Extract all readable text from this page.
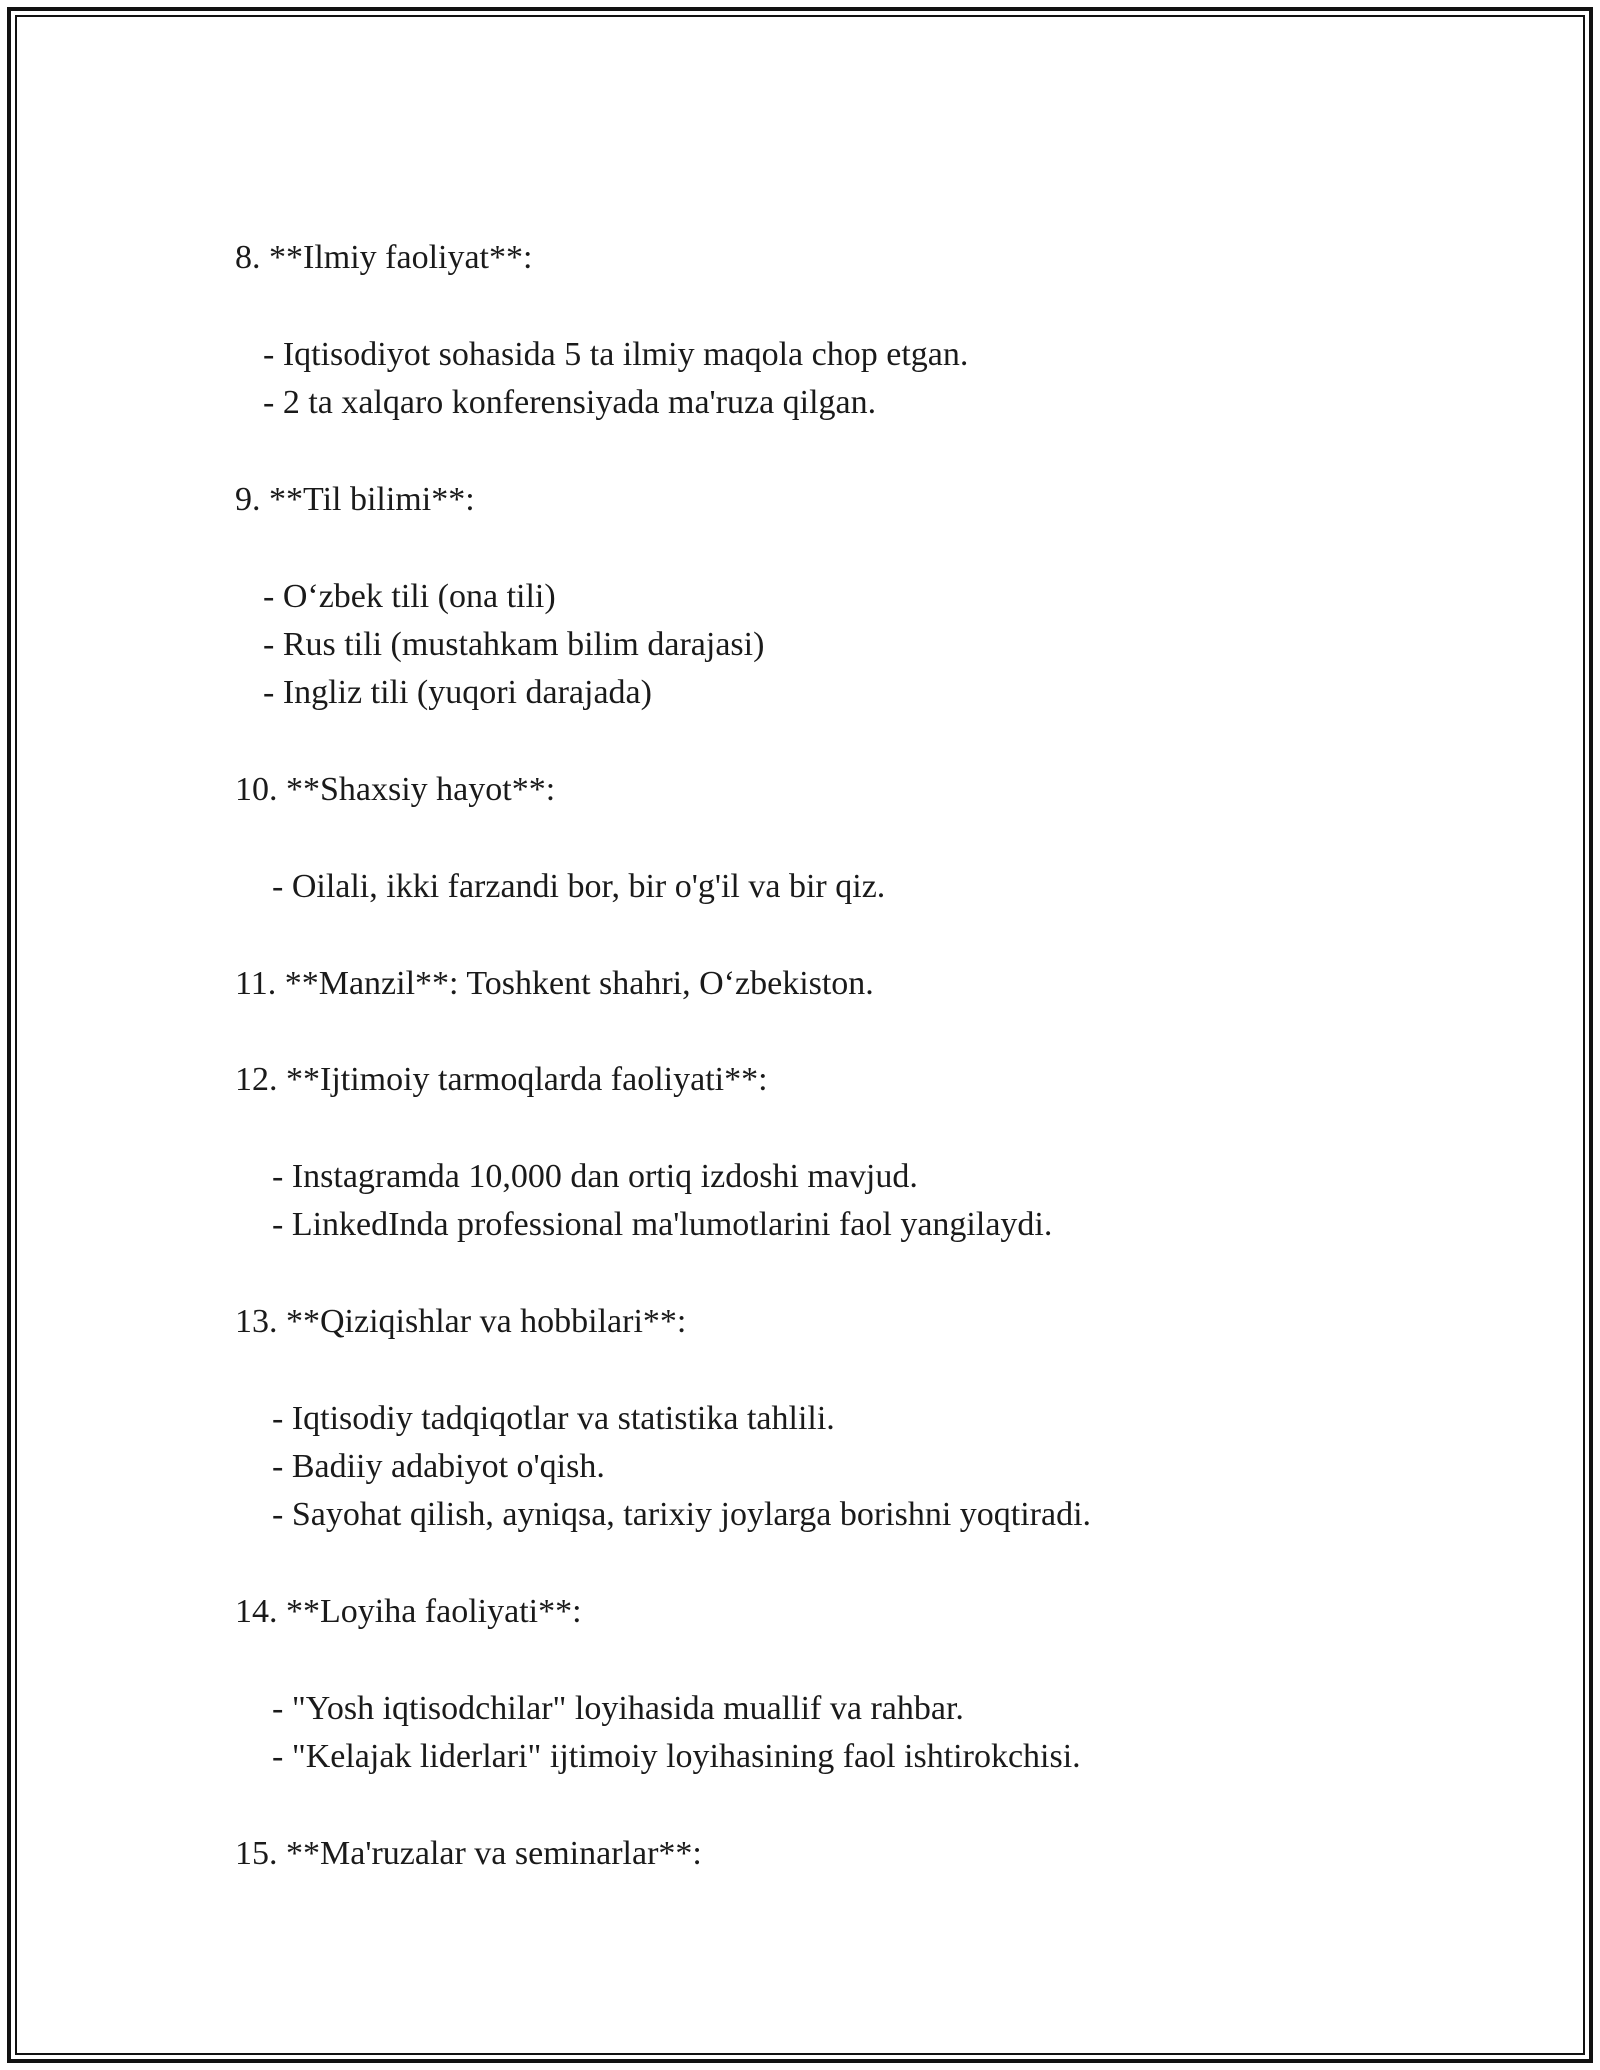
8. **Ilmiy faoliyat**:

- Iqtisodiyot sohasida 5 ta ilmiy maqola chop etgan.

- 2 ta xalqaro konferensiyada ma'ruza qilgan.

9. **Til bilimi**:

- O‘zbek tili (ona tili)

- Rus tili (mustahkam bilim darajasi)

- Ingliz tili (yuqori darajada)

10. **Shaxsiy hayot**:

- Oilali, ikki farzandi bor, bir o'g'il va bir qiz.

11. **Manzil**: Toshkent shahri, O‘zbekiston.

12. **Ijtimoiy tarmoqlarda faoliyati**:

- Instagramda 10,000 dan ortiq izdoshi mavjud.

- LinkedInda professional ma'lumotlarini faol yangilaydi.

13. **Qiziqishlar va hobbilari**:

- Iqtisodiy tadqiqotlar va statistika tahlili.

- Badiiy adabiyot o'qish.

- Sayohat qilish, ayniqsa, tarixiy joylarga borishni yoqtiradi.

14. **Loyiha faoliyati**:

- "Yosh iqtisodchilar" loyihasida muallif va rahbar.

- "Kelajak liderlari" ijtimoiy loyihasining faol ishtirokchisi.

15. **Ma'ruzalar va seminarlar**:
